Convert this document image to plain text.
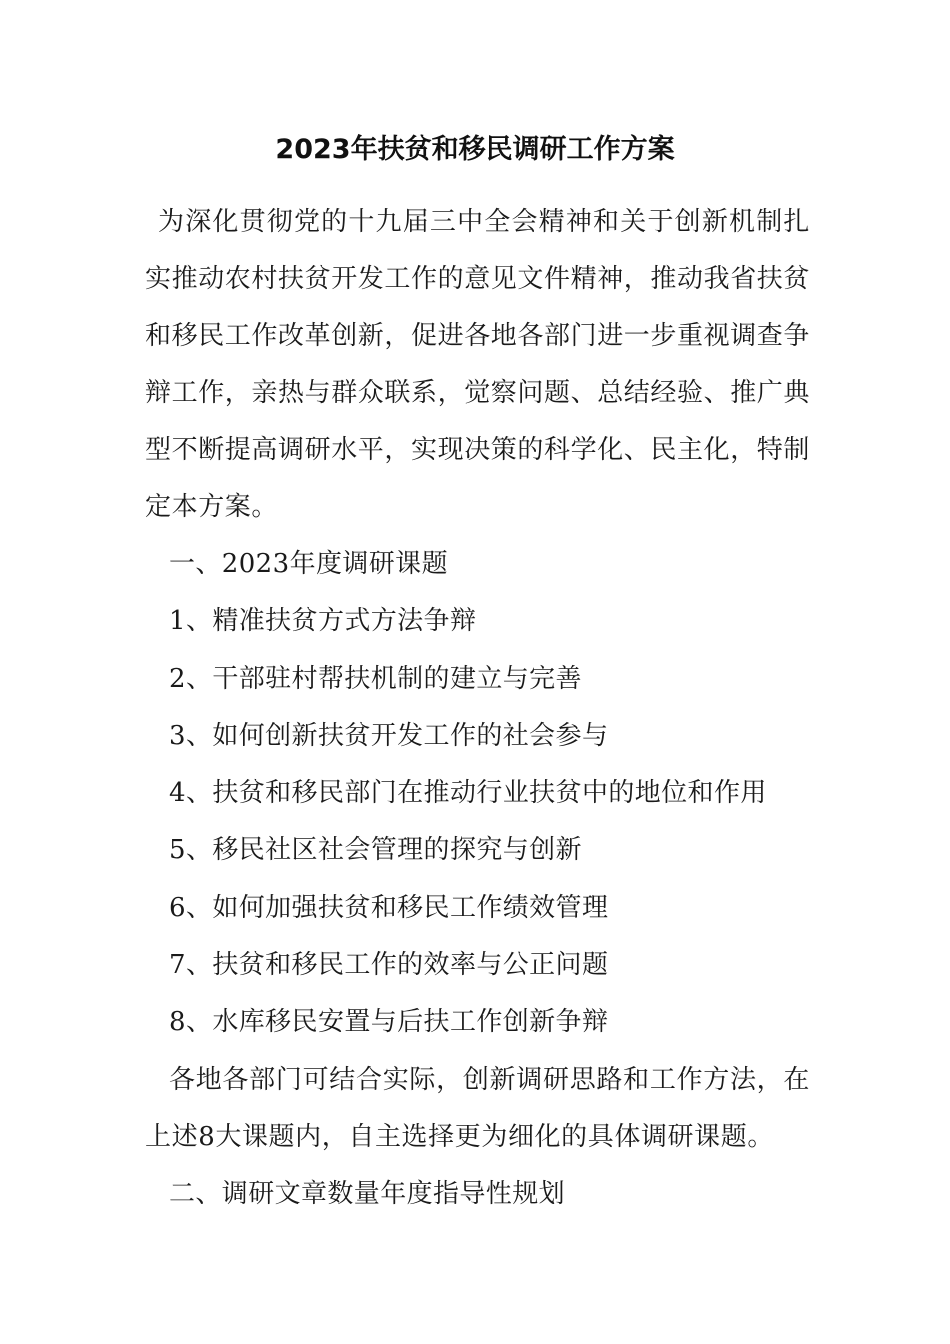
2023年扶贫和移民调研工作方案
为深化贯彻党的十九届三中全会精神和关于创新机制扎实推动农村扶贫开发工作的意见文件精神，推动我省扶贫和移民工作改革创新，促进各地各部门进一步重视调查争辩工作，亲热与群众联系，觉察问题、总结经验、推广典型不断提高调研水平，实现决策的科学化、民主化，特制定本方案。
一、2023年度调研课题
1、精准扶贫方式方法争辩
2、干部驻村帮扶机制的建立与完善
3、如何创新扶贫开发工作的社会参与
4、扶贫和移民部门在推动行业扶贫中的地位和作用
5、移民社区社会管理的探究与创新
6、如何加强扶贫和移民工作绩效管理
7、扶贫和移民工作的效率与公正问题
8、水库移民安置与后扶工作创新争辩
各地各部门可结合实际，创新调研思路和工作方法，在上述8大课题内，自主选择更为细化的具体调研课题。
二、调研文章数量年度指导性规划
